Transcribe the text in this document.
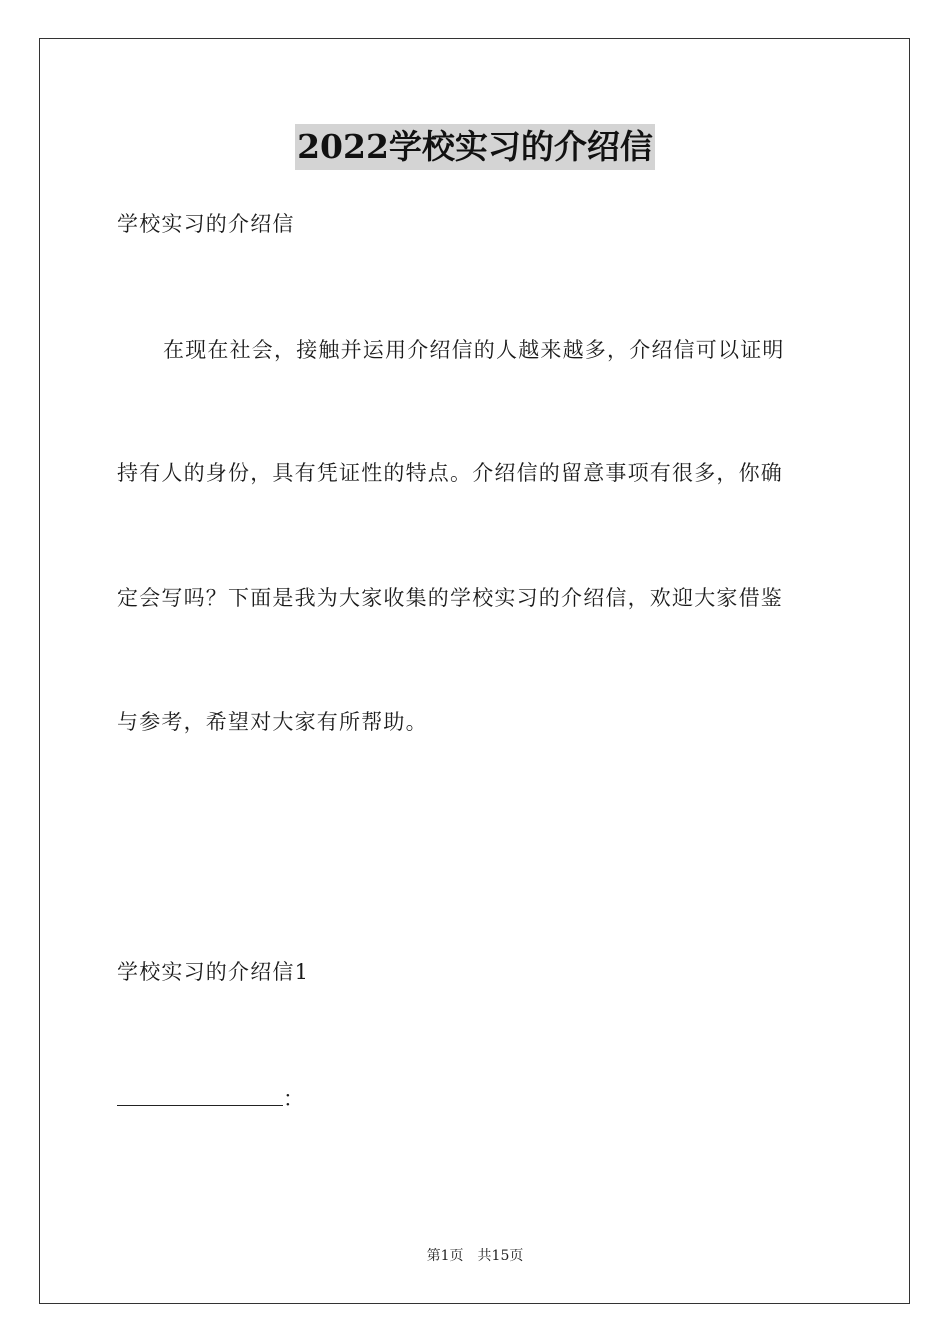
2022学校实习的介绍信
学校实习的介绍信
在现在社会，接触并运用介绍信的人越来越多，介绍信可以证明
持有人的身份，具有凭证性的特点。介绍信的留意事项有很多，你确
定会写吗？下面是我为大家收集的学校实习的介绍信，欢迎大家借鉴
与参考，希望对大家有所帮助。
学校实习的介绍信1
：
第1页 共15页
